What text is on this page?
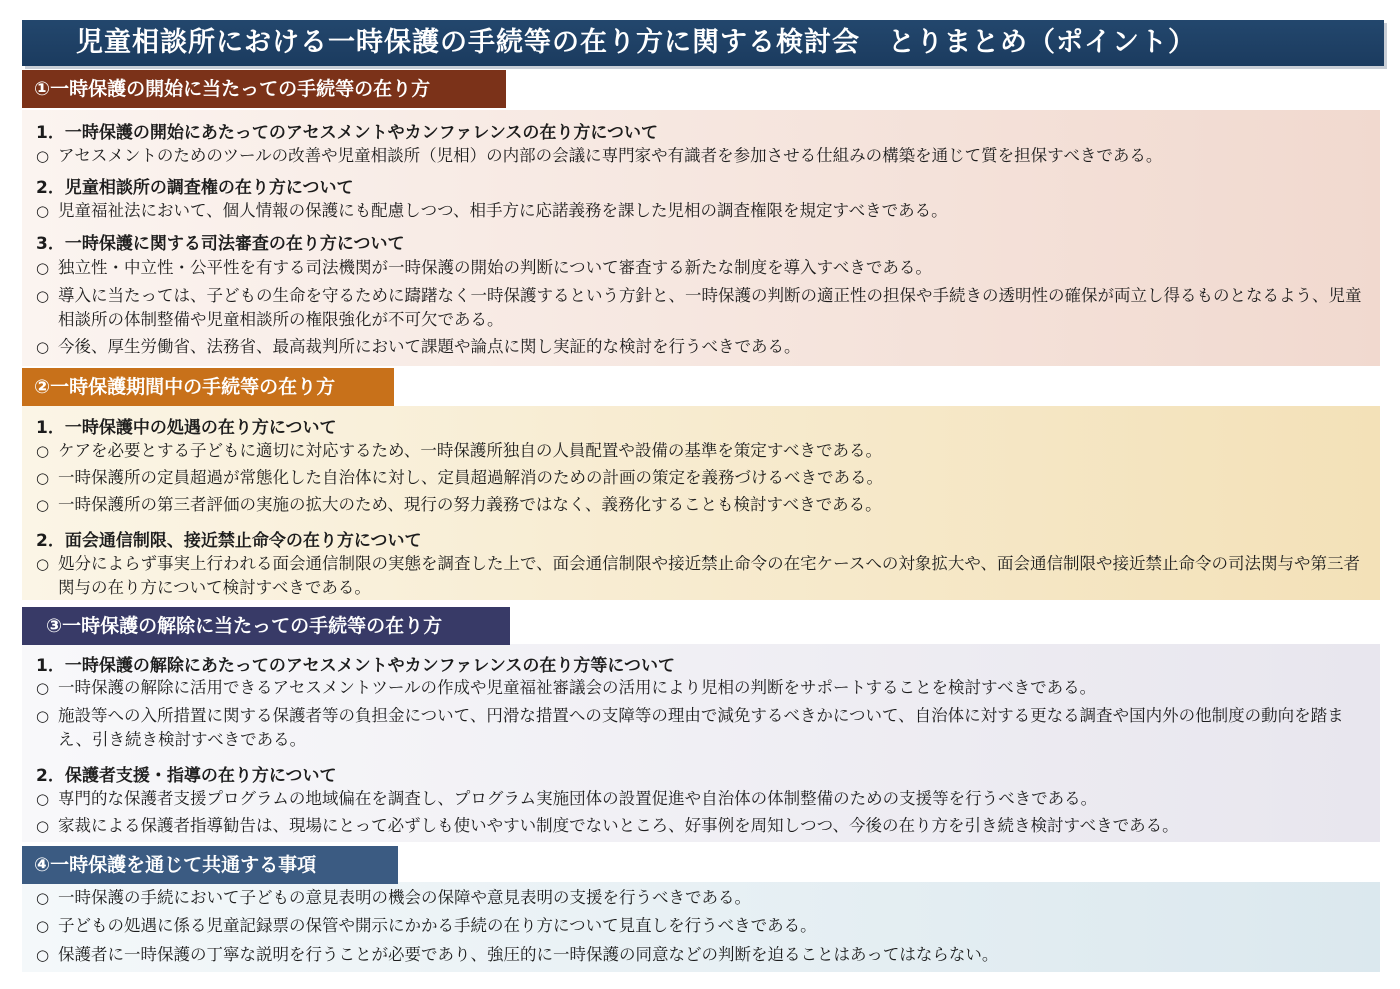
児童相談所における一時保護の手続等の在り方に関する検討会　とりまとめ（ポイント）
①一時保護の開始に当たっての手続等の在り方
1．一時保護の開始にあたってのアセスメントやカンファレンスの在り方について
○ アセスメントのためのツールの改善や児童相談所（児相）の内部の会議に専門家や有識者を参加させる仕組みの構築を通じて質を担保すべきである。
2．児童相談所の調査権の在り方について
○ 児童福祉法において、個人情報の保護にも配慮しつつ、相手方に応諾義務を課した児相の調査権限を規定すべきである。
3．一時保護に関する司法審査の在り方について
○ 独立性・中立性・公平性を有する司法機関が一時保護の開始の判断について審査する新たな制度を導入すべきである。
○ 導入に当たっては、子どもの生命を守るために躊躇なく一時保護するという方針と、一時保護の判断の適正性の担保や手続きの透明性の確保が両立し得るものとなるよう、児童相談所の体制整備や児童相談所の権限強化が不可欠である。
○ 今後、厚生労働省、法務省、最高裁判所において課題や論点に関し実証的な検討を行うべきである。
②一時保護期間中の手続等の在り方
1．一時保護中の処遇の在り方について
○ ケアを必要とする子どもに適切に対応するため、一時保護所独自の人員配置や設備の基準を策定すべきである。
○ 一時保護所の定員超過が常態化した自治体に対し、定員超過解消のための計画の策定を義務づけるべきである。
○ 一時保護所の第三者評価の実施の拡大のため、現行の努力義務ではなく、義務化することも検討すべきである。
2．面会通信制限、接近禁止命令の在り方について
○ 処分によらず事実上行われる面会通信制限の実態を調査した上で、面会通信制限や接近禁止命令の在宅ケースへの対象拡大や、面会通信制限や接近禁止命令の司法関与や第三者関与の在り方について検討すべきである。
③一時保護の解除に当たっての手続等の在り方
1．一時保護の解除にあたってのアセスメントやカンファレンスの在り方等について
○ 一時保護の解除に活用できるアセスメントツールの作成や児童福祉審議会の活用により児相の判断をサポートすることを検討すべきである。
○ 施設等への入所措置に関する保護者等の負担金について、円滑な措置への支障等の理由で減免するべきかについて、自治体に対する更なる調査や国内外の他制度の動向を踏まえ、引き続き検討すべきである。
2．保護者支援・指導の在り方について
○ 専門的な保護者支援プログラムの地域偏在を調査し、プログラム実施団体の設置促進や自治体の体制整備のための支援等を行うべきである。
○ 家裁による保護者指導勧告は、現場にとって必ずしも使いやすい制度でないところ、好事例を周知しつつ、今後の在り方を引き続き検討すべきである。
④一時保護を通じて共通する事項
○ 一時保護の手続において子どもの意見表明の機会の保障や意見表明の支援を行うべきである。
○ 子どもの処遇に係る児童記録票の保管や開示にかかる手続の在り方について見直しを行うべきである。
○ 保護者に一時保護の丁寧な説明を行うことが必要であり、強圧的に一時保護の同意などの判断を迫ることはあってはならない。
